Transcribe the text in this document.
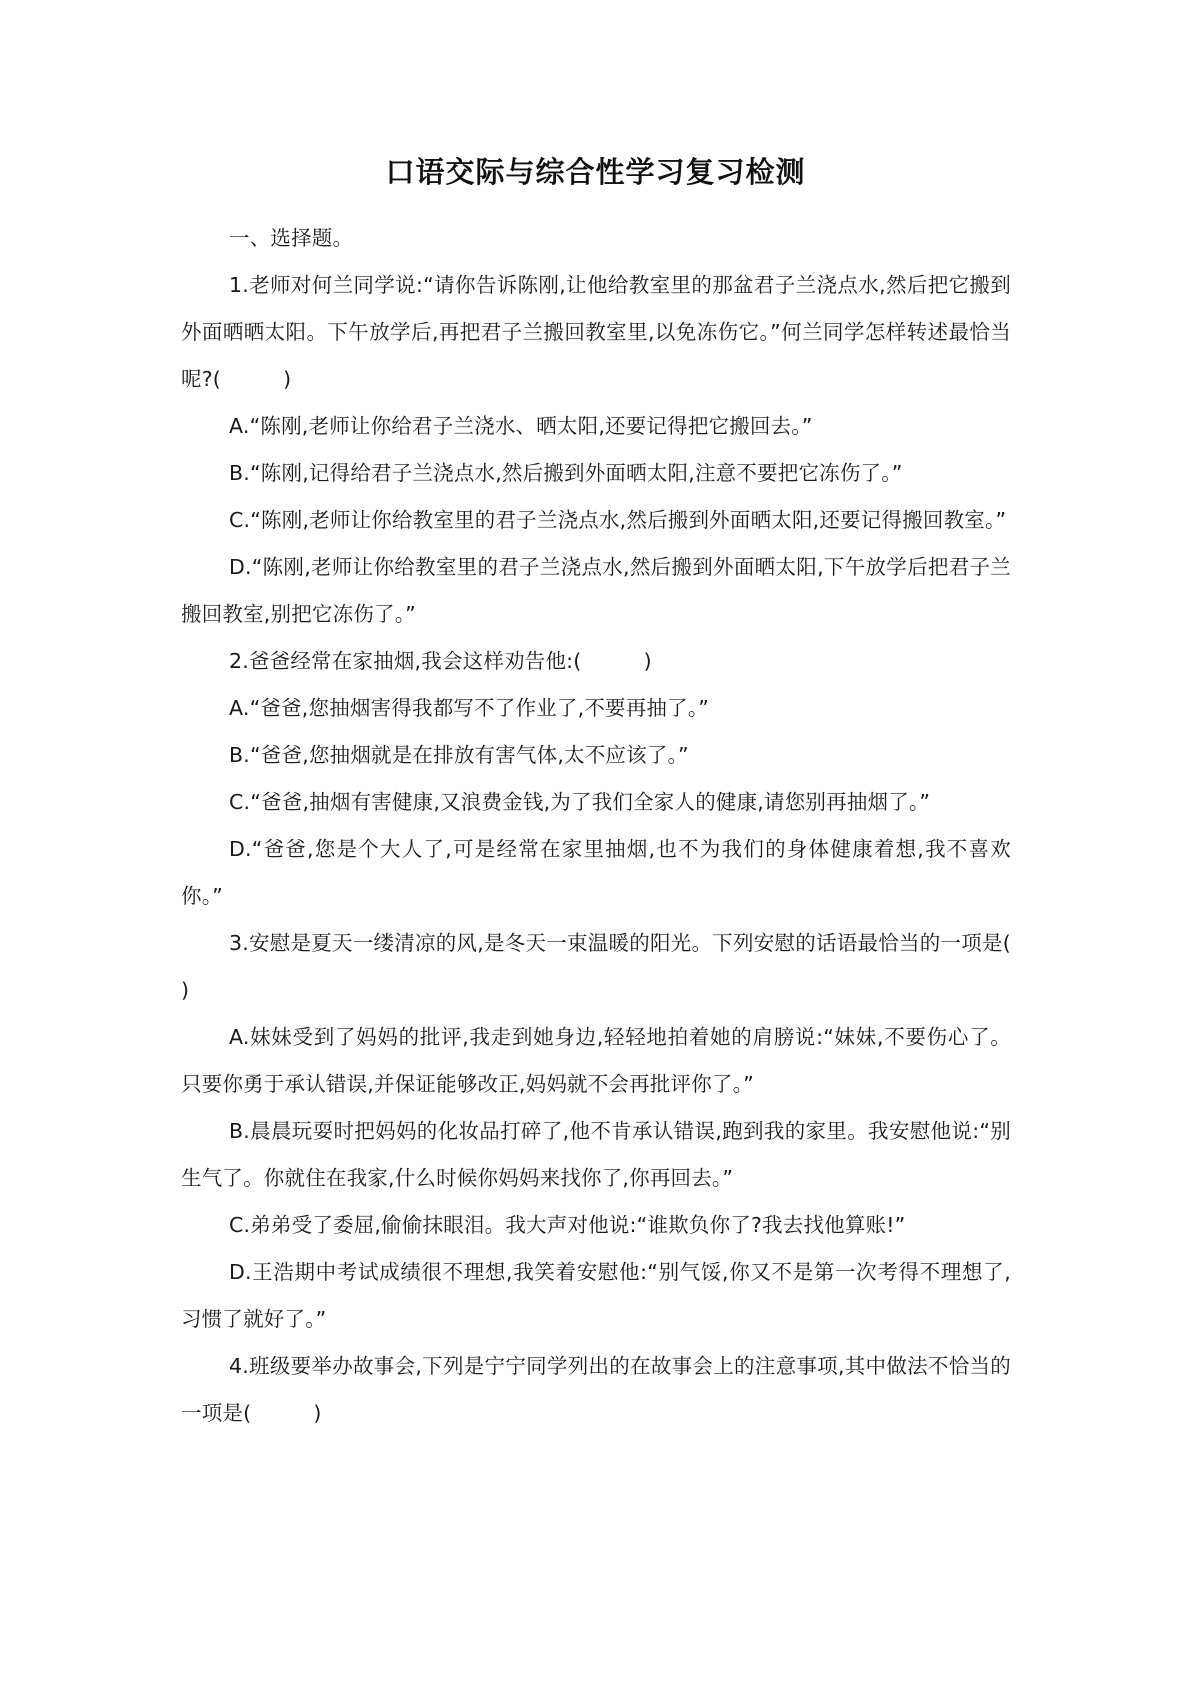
口语交际与综合性学习复习检测

一、选择题。

1.老师对何兰同学说:“请你告诉陈刚,让他给教室里的那盆君子兰浇点水,然后把它搬到外面晒晒太阳。下午放学后,再把君子兰搬回教室里,以免冻伤它。”何兰同学怎样转述最恰当呢?(　　　)

A.“陈刚,老师让你给君子兰浇水、晒太阳,还要记得把它搬回去。”

B.“陈刚,记得给君子兰浇点水,然后搬到外面晒太阳,注意不要把它冻伤了。”

C.“陈刚,老师让你给教室里的君子兰浇点水,然后搬到外面晒太阳,还要记得搬回教室。”

D.“陈刚,老师让你给教室里的君子兰浇点水,然后搬到外面晒太阳,下午放学后把君子兰搬回教室,别把它冻伤了。”

2.爸爸经常在家抽烟,我会这样劝告他:(　　　)

A.“爸爸,您抽烟害得我都写不了作业了,不要再抽了。”

B.“爸爸,您抽烟就是在排放有害气体,太不应该了。”

C.“爸爸,抽烟有害健康,又浪费金钱,为了我们全家人的健康,请您别再抽烟了。”

D.“爸爸,您是个大人了,可是经常在家里抽烟,也不为我们的身体健康着想,我不喜欢你。”

3.安慰是夏天一缕清凉的风,是冬天一束温暖的阳光。下列安慰的话语最恰当的一项是(　　　)

A.妹妹受到了妈妈的批评,我走到她身边,轻轻地拍着她的肩膀说:“妹妹,不要伤心了。只要你勇于承认错误,并保证能够改正,妈妈就不会再批评你了。”

B.晨晨玩耍时把妈妈的化妆品打碎了,他不肯承认错误,跑到我的家里。我安慰他说:“别生气了。你就住在我家,什么时候你妈妈来找你了,你再回去。”

C.弟弟受了委屈,偷偷抹眼泪。我大声对他说:“谁欺负你了?我去找他算账!”

D.王浩期中考试成绩很不理想,我笑着安慰他:“别气馁,你又不是第一次考得不理想了,习惯了就好了。”

4.班级要举办故事会,下列是宁宁同学列出的在故事会上的注意事项,其中做法不恰当的一项是(　　　)
